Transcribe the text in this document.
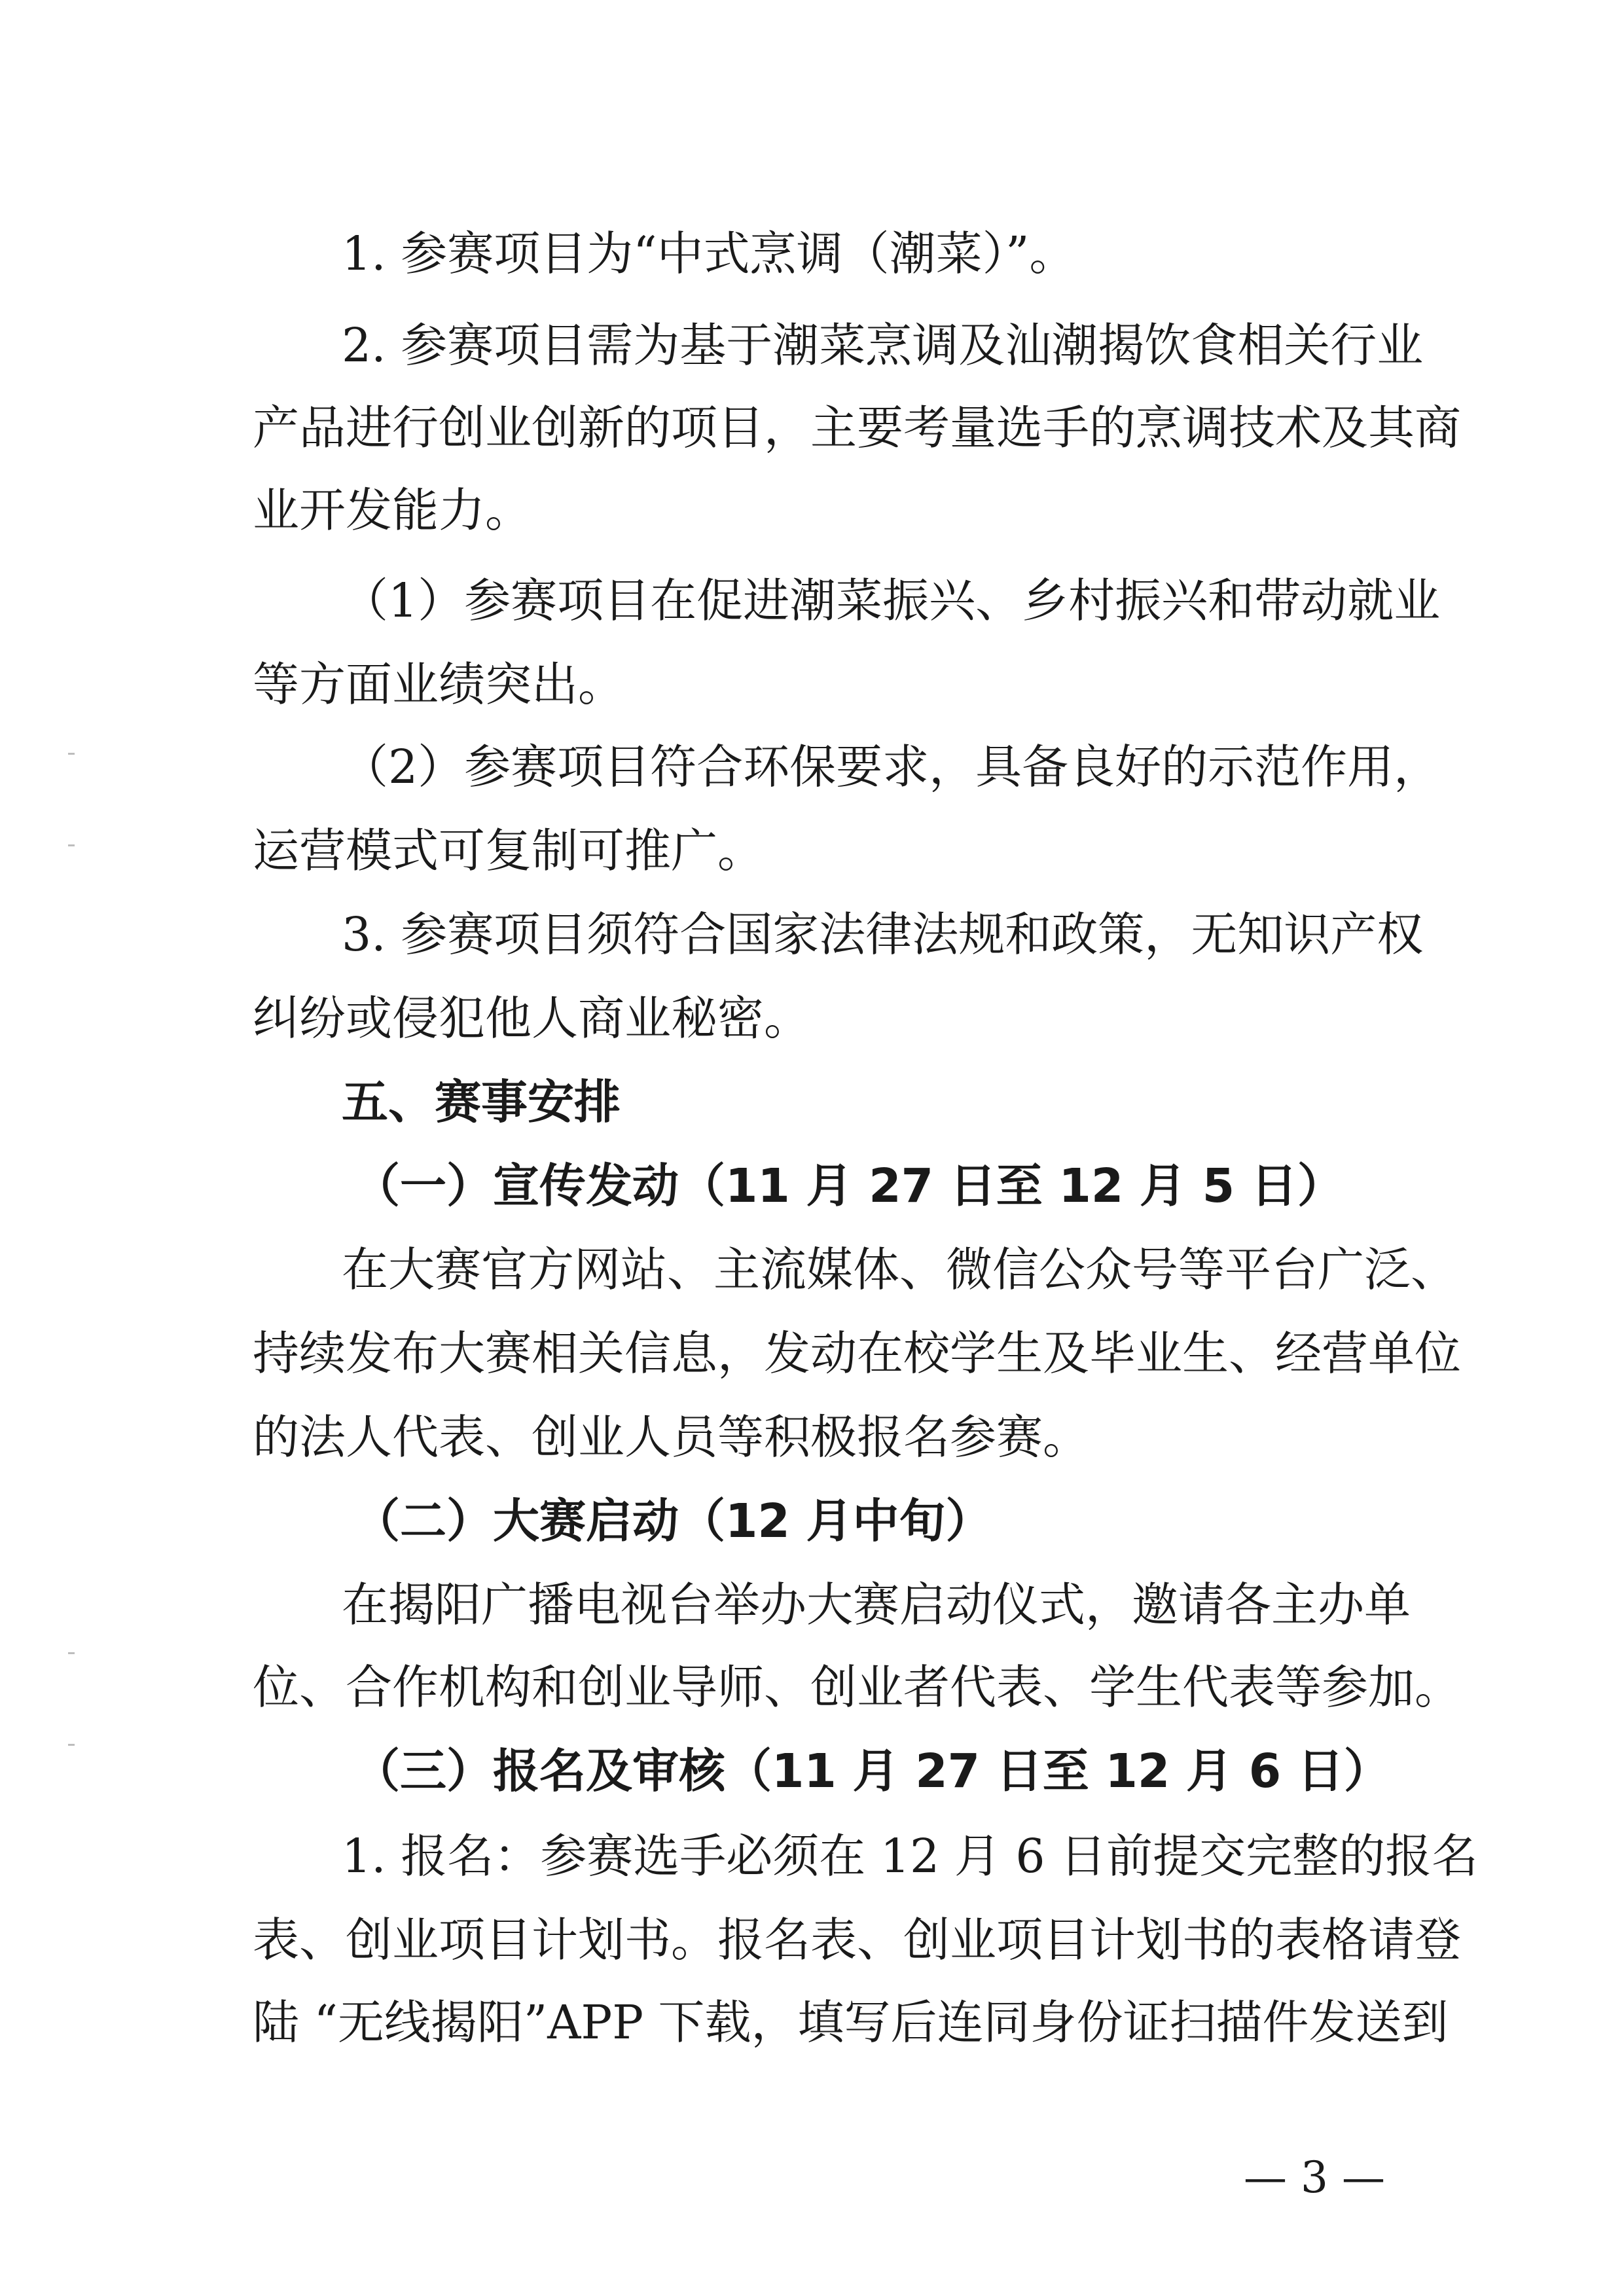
1. 参赛项目为“中式烹调（潮菜）”。
2. 参赛项目需为基于潮菜烹调及汕潮揭饮食相关行业
产品进行创业创新的项目，主要考量选手的烹调技术及其商
业开发能力。
（1）参赛项目在促进潮菜振兴、乡村振兴和带动就业
等方面业绩突出。
（2）参赛项目符合环保要求，具备良好的示范作用，
运营模式可复制可推广。
3. 参赛项目须符合国家法律法规和政策，无知识产权
纠纷或侵犯他人商业秘密。
五、赛事安排
（一）宣传发动（11 月 27 日至 12 月 5 日）
在大赛官方网站、主流媒体、微信公众号等平台广泛、
持续发布大赛相关信息，发动在校学生及毕业生、经营单位
的法人代表、创业人员等积极报名参赛。
（二）大赛启动（12 月中旬）
在揭阳广播电视台举办大赛启动仪式，邀请各主办单
位、合作机构和创业导师、创业者代表、学生代表等参加。
（三）报名及审核（11 月 27 日至 12 月 6 日）
1. 报名：参赛选手必须在 12 月 6 日前提交完整的报名
表、创业项目计划书。报名表、创业项目计划书的表格请登
陆 “无线揭阳”APP 下载，填写后连同身份证扫描件发送到
— 3 —
